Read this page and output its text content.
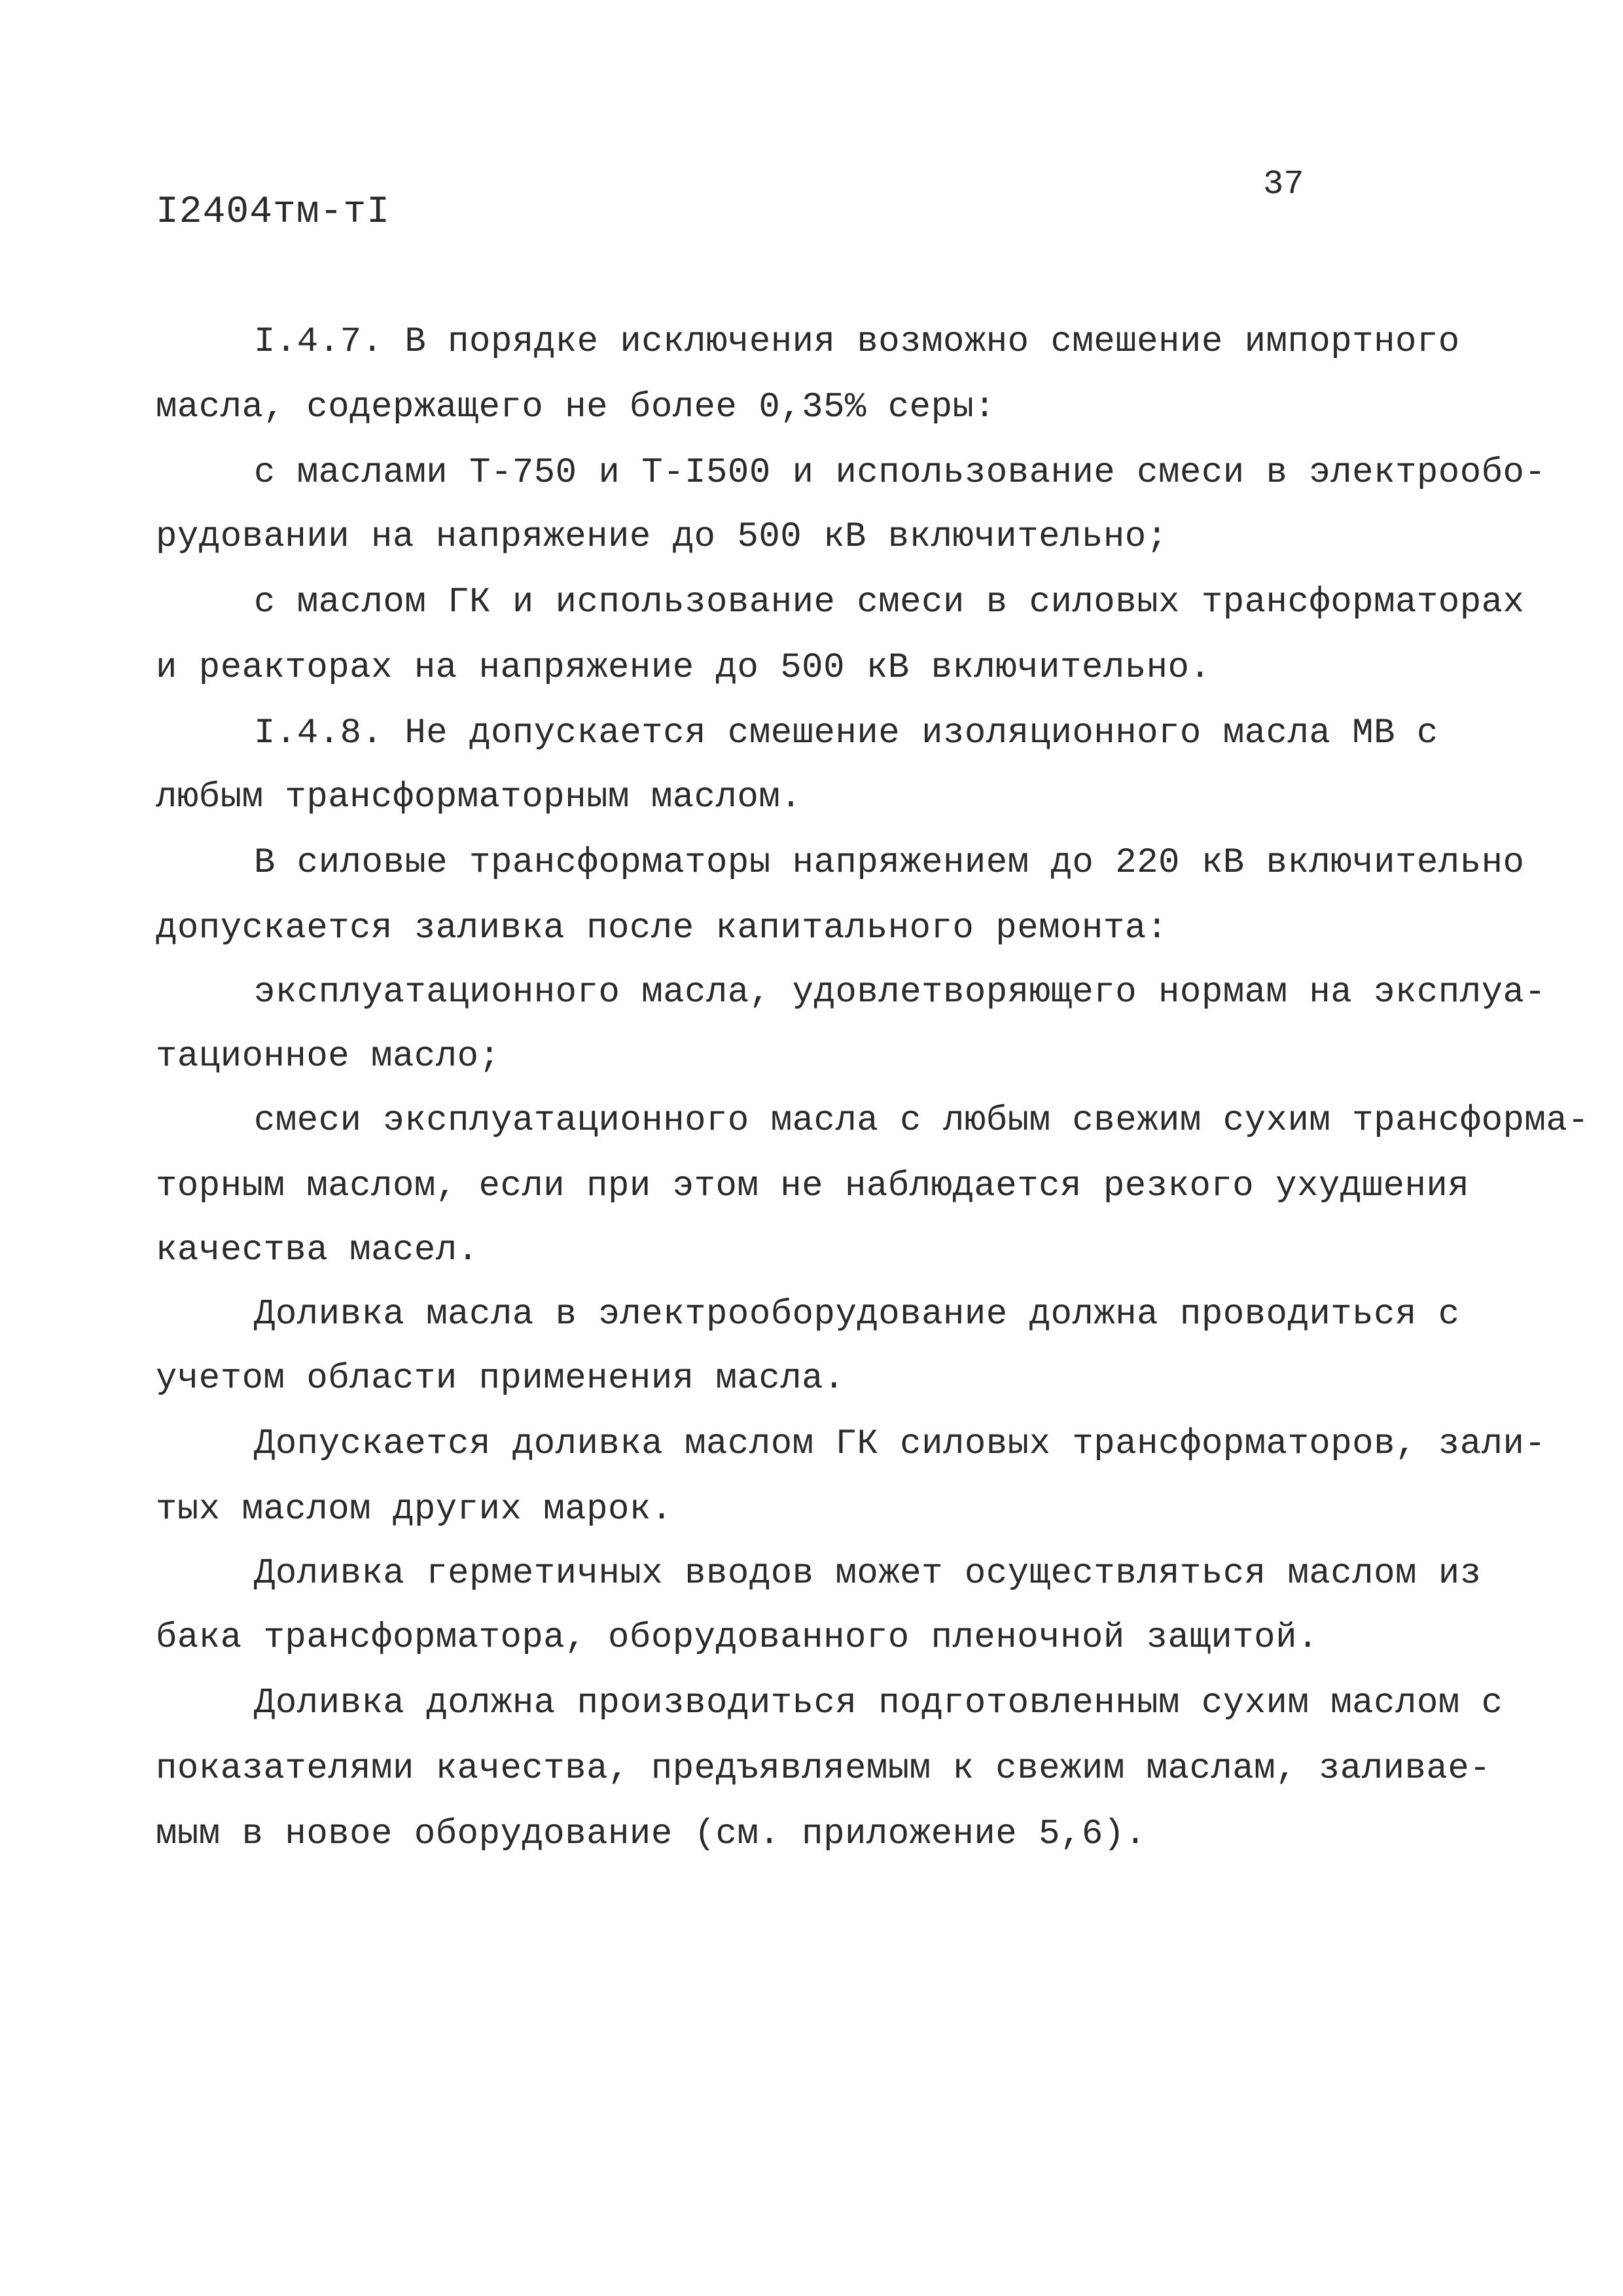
I2404тм-тI
37
I.4.7. В порядке исключения возможно смешение импортного
масла, содержащего не более 0,35% серы:
с маслами Т-750 и Т-I500 и использование смеси в электрообо-
рудовании на напряжение до 500 кВ включительно;
с маслом ГК и использование смеси в силовых трансформаторах
и реакторах на напряжение до 500 кВ включительно.
I.4.8. Не допускается смешение изоляционного масла МВ с
любым трансформаторным маслом.
В силовые трансформаторы напряжением до 220 кВ включительно
допускается заливка после капитального ремонта:
эксплуатационного масла, удовлетворяющего нормам на эксплуа-
тационное масло;
смеси эксплуатационного масла с любым свежим сухим трансформа-
торным маслом, если при этом не наблюдается резкого ухудшения
качества масел.
Доливка масла в электрооборудование должна проводиться с
учетом области применения масла.
Допускается доливка маслом ГК силовых трансформаторов, зали-
тых маслом других марок.
Доливка герметичных вводов может осуществляться маслом из
бака трансформатора, оборудованного пленочной защитой.
Доливка должна производиться подготовленным сухим маслом с
показателями качества, предъявляемым к свежим маслам, заливае-
мым в новое оборудование (см. приложение 5,6).
